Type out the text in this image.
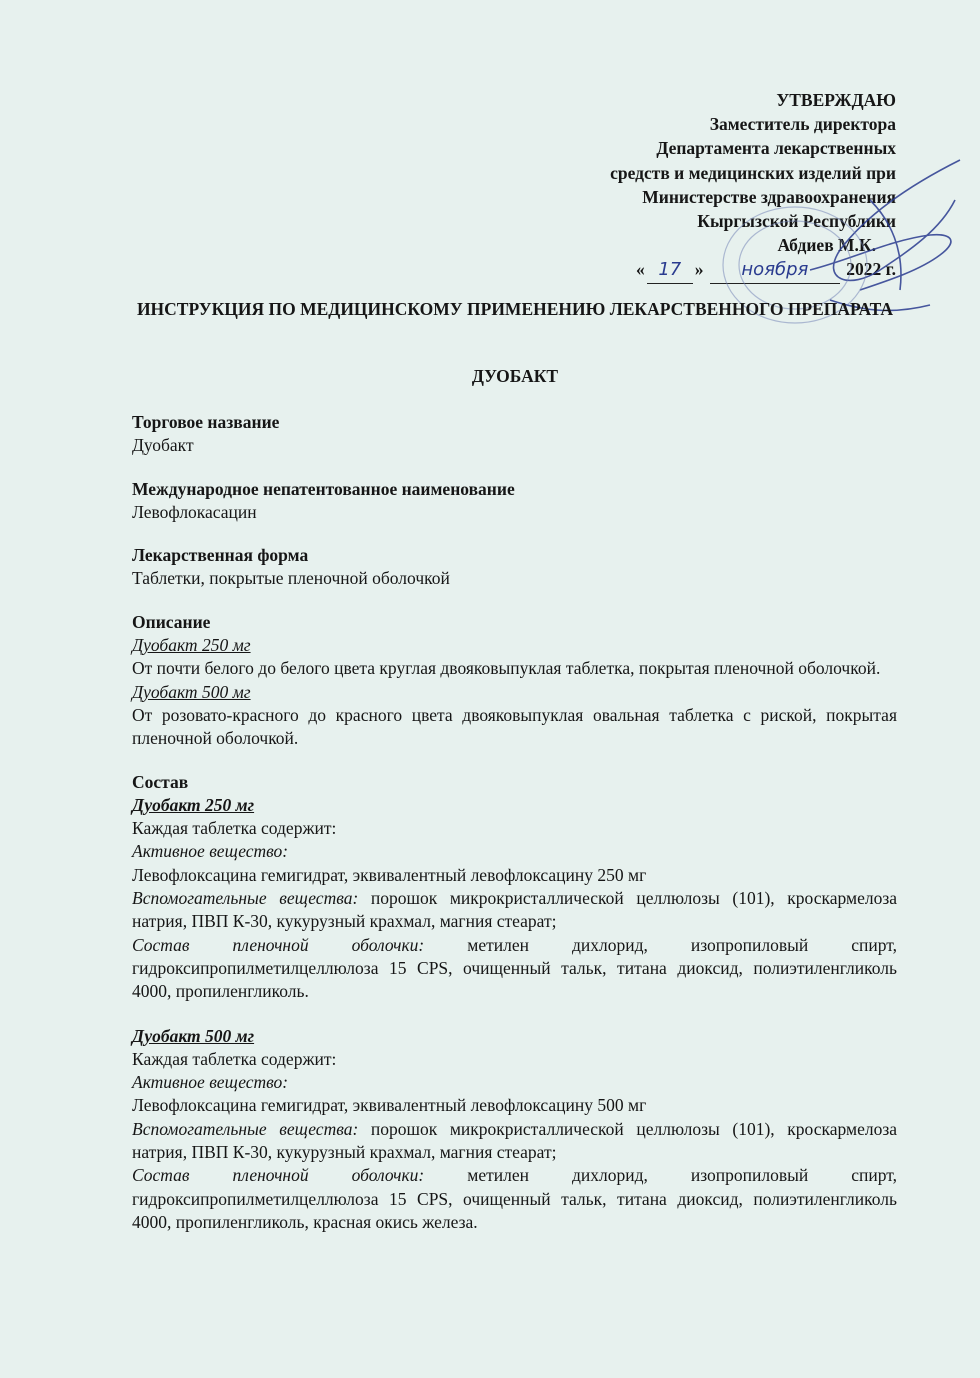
УТВЕРЖДАЮ
Заместитель директора
Департамента лекарственных
средств и медицинских изделий при
Министерстве здравоохранения
Кыргызской Республики
Абдиев М.К.
« 17 » ноября 2022 г.
ИНСТРУКЦИЯ ПО МЕДИЦИНСКОМУ ПРИМЕНЕНИЮ ЛЕКАРСТВЕННОГО ПРЕПАРАТА
ДУОБАКТ

Торговое название

Дуобакт

Международное непатентованное наименование

Левофлокасацин

Лекарственная форма

Таблетки, покрытые пленочной оболочкой

Описание

Дуобакт 250 мг

От почти белого до белого цвета круглая двояковыпуклая таблетка, покрытая пленочной оболочкой.

Дуобакт 500 мг

От розовато-красного до красного цвета двояковыпуклая овальная таблетка с риской, покрытая пленочной оболочкой.

Состав

Дуобакт 250 мг

Каждая таблетка содержит:

Активное вещество:

Левофлоксацина гемигидрат, эквивалентный левофлоксацину 250 мг

Вспомогательные вещества: порошок микрокристаллической целлюлозы (101), кроскармелоза натрия, ПВП К-30, кукурузный крахмал, магния стеарат;

Состав пленочной оболочки: метилен дихлорид, изопропиловый спирт, гидроксипропилметилцеллюлоза 15 CPS, очищенный тальк, титана диоксид, полиэтиленгликоль 4000, пропиленгликоль.

Дуобакт 500 мг

Каждая таблетка содержит:

Активное вещество:

Левофлоксацина гемигидрат, эквивалентный левофлоксацину 500 мг

Вспомогательные вещества: порошок микрокристаллической целлюлозы (101), кроскармелоза натрия, ПВП К-30, кукурузный крахмал, магния стеарат;

Состав пленочной оболочки: метилен дихлорид, изопропиловый спирт, гидроксипропилметилцеллюлоза 15 CPS, очищенный тальк, титана диоксид, полиэтиленгликоль 4000, пропиленгликоль, красная окись железа.
